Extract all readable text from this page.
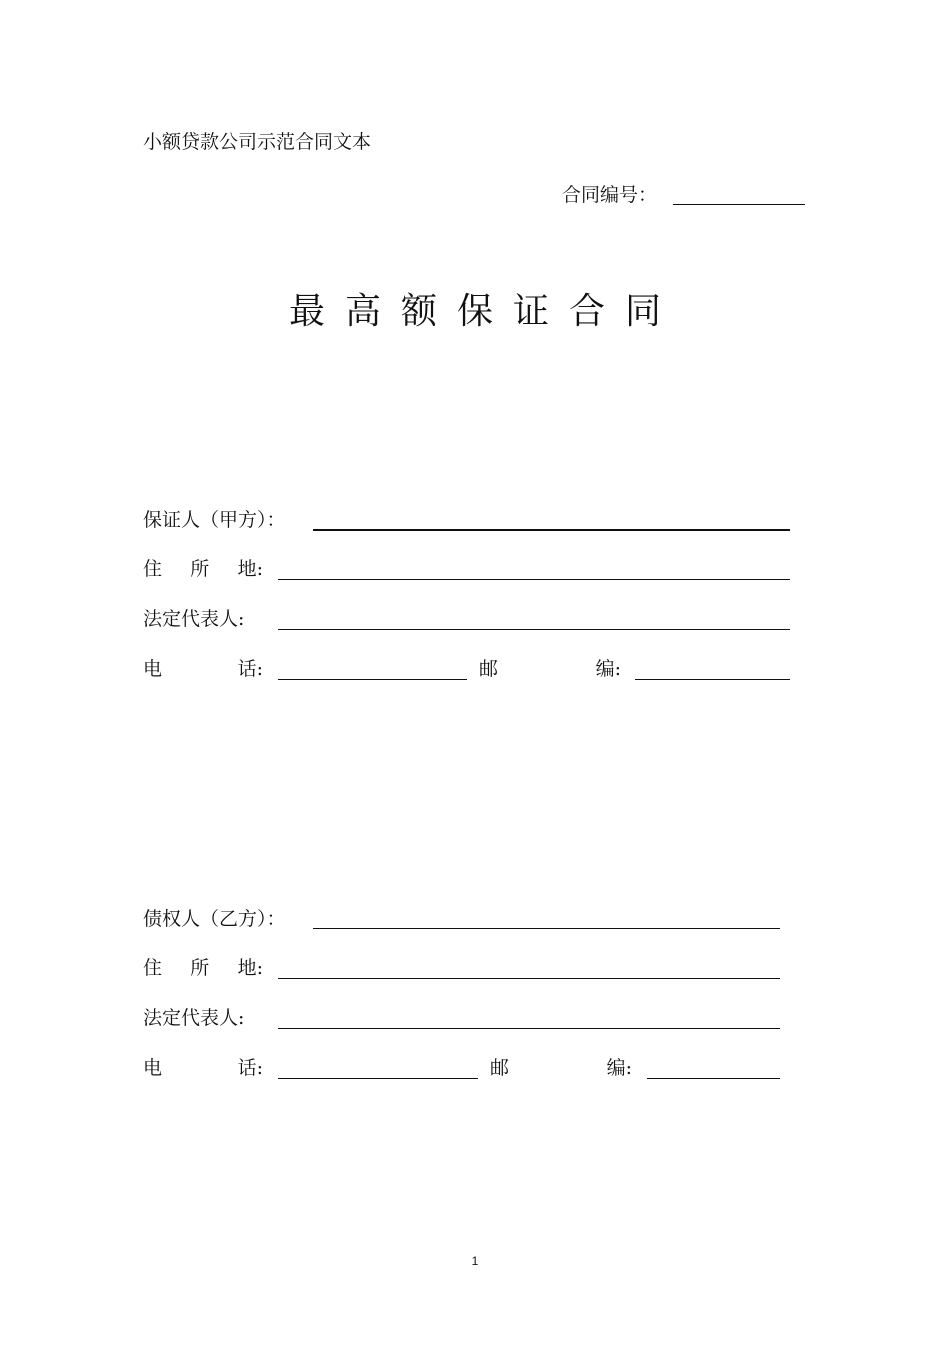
小额贷款公司示范合同文本
合同编号：
最高额保证合同
保证人（甲方）：
住 所 地:
法定代表人:
电	话:	邮	编:
债权人（乙方）：
住 所 地:
法定代表人:
电	话:	邮	编:
1
